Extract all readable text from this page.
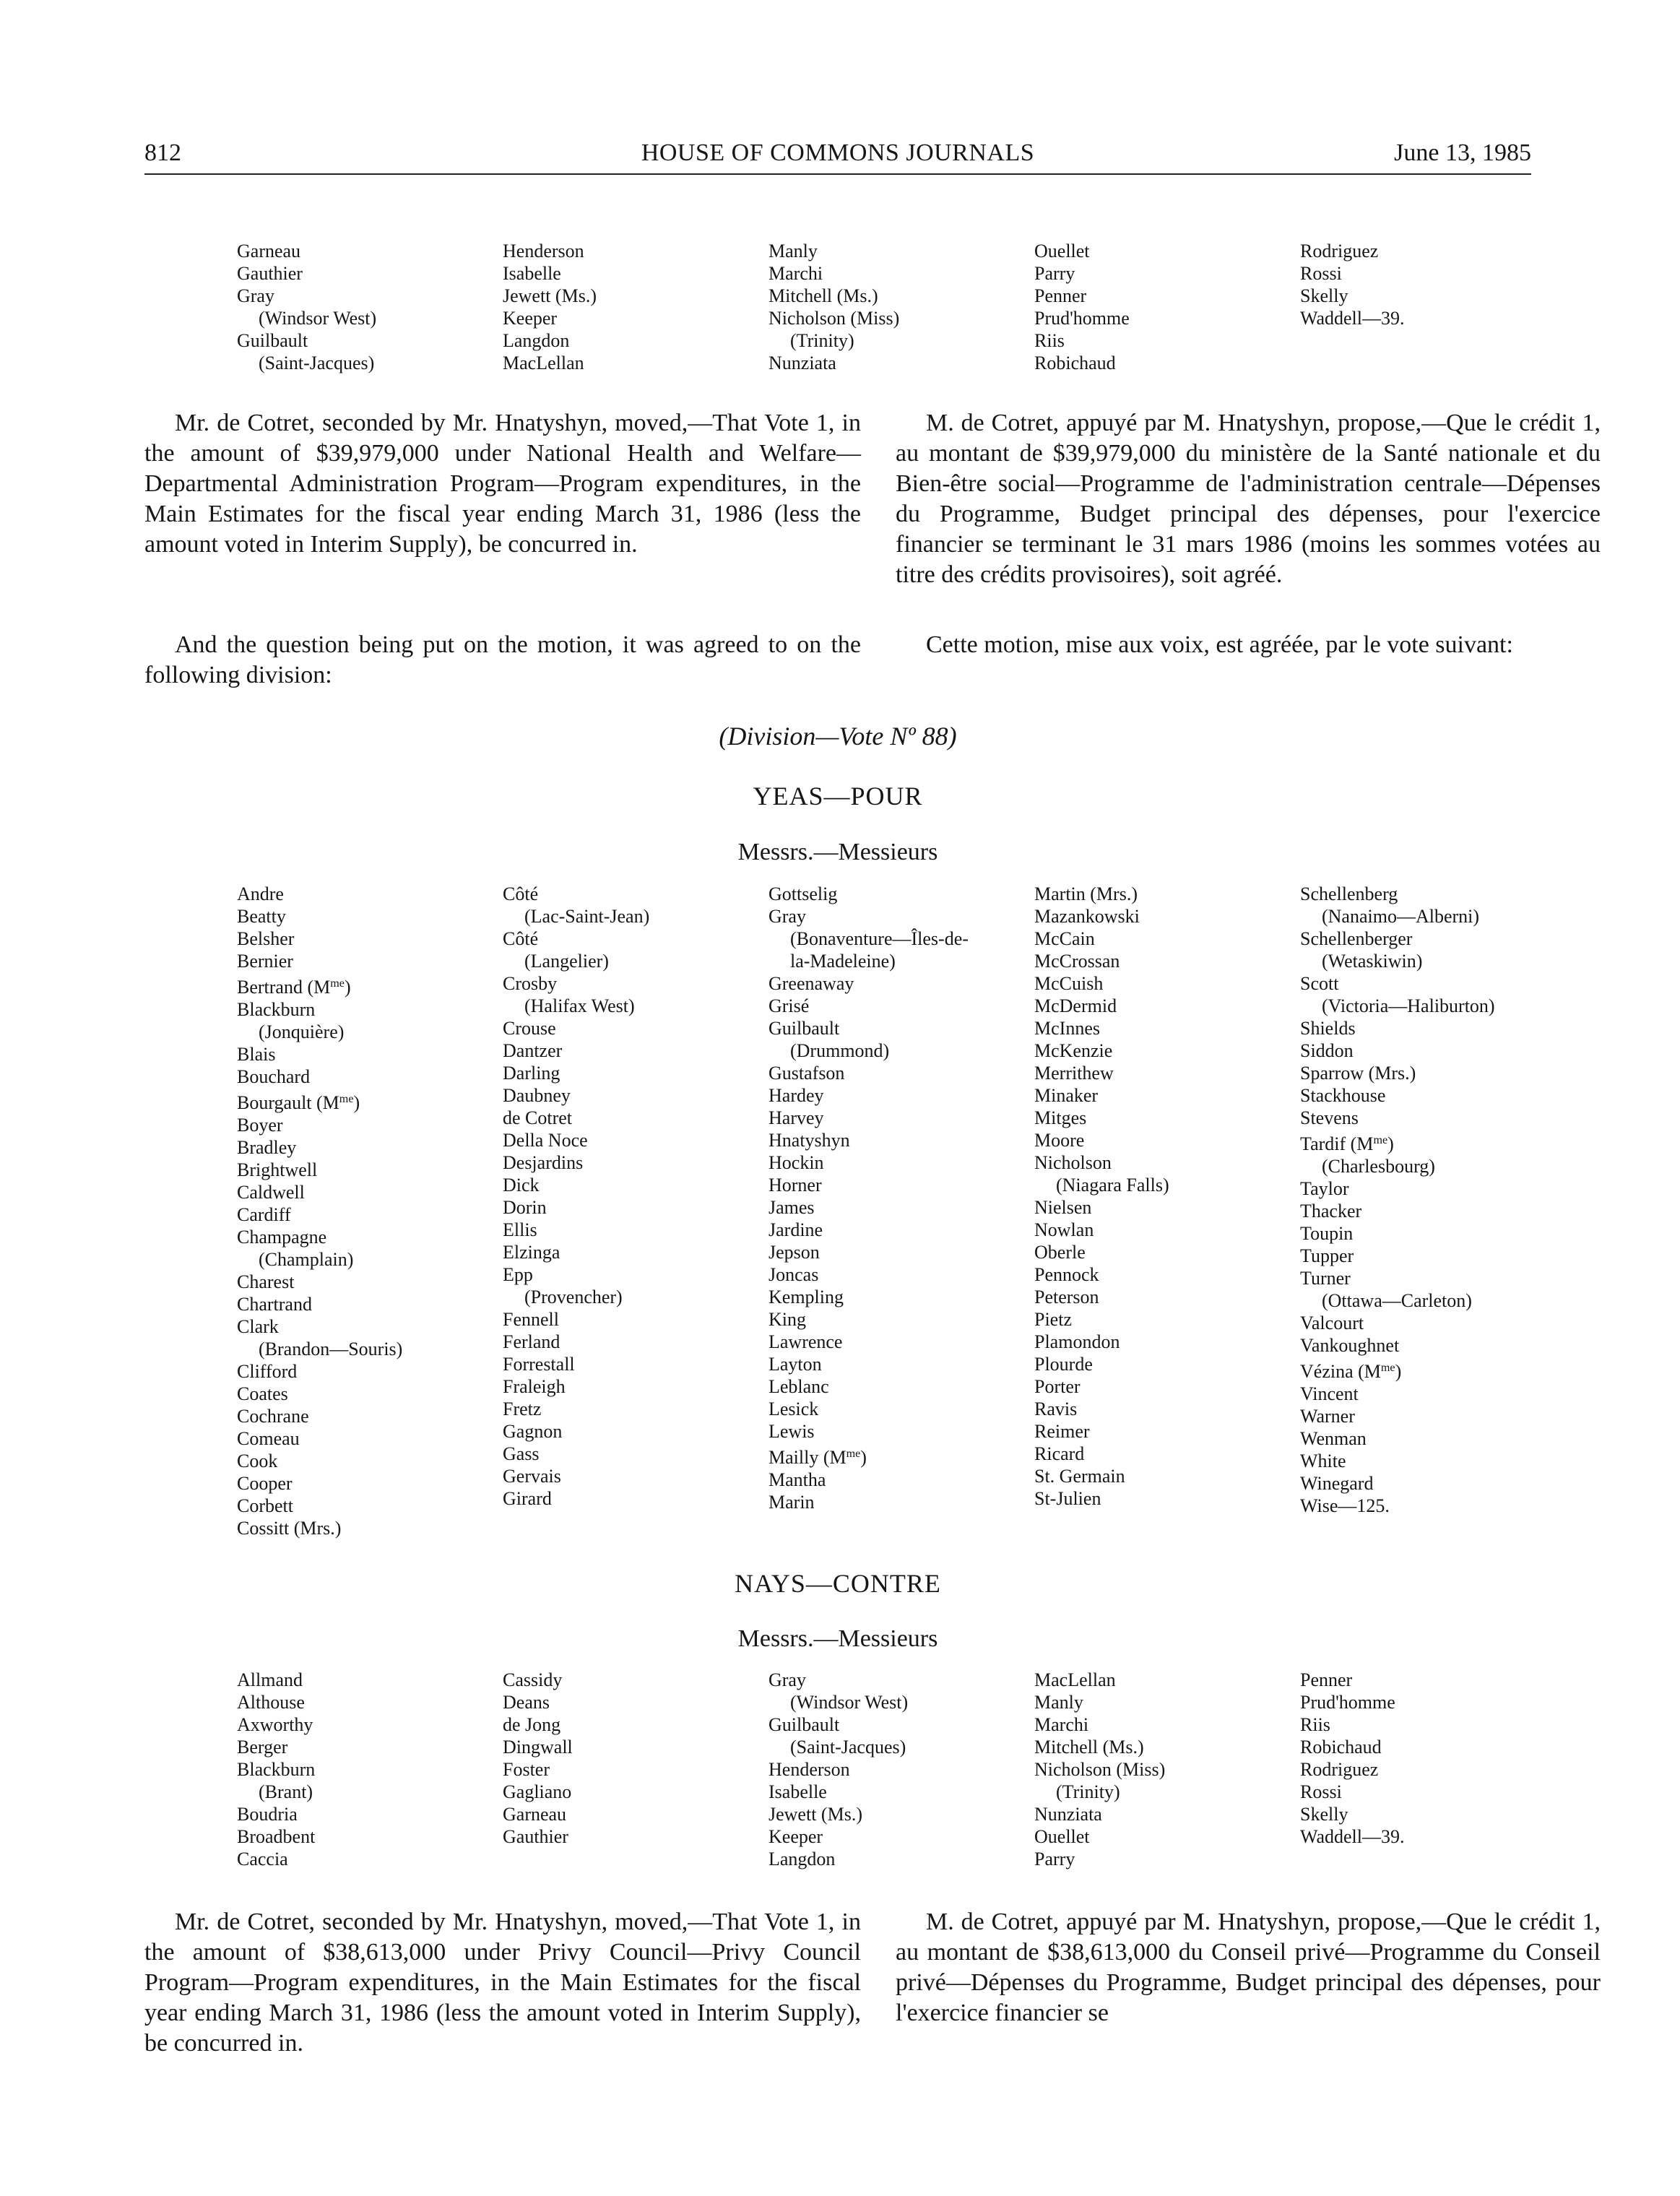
812	HOUSE OF COMMONS JOURNALS	June 13, 1985
Garneau
Gauthier
Gray
(Windsor West)
Guilbault
(Saint-Jacques)
Henderson
Isabelle
Jewett (Ms.)
Keeper
Langdon
MacLellan
Manly
Marchi
Mitchell (Ms.)
Nicholson (Miss)
(Trinity)
Nunziata
Ouellet
Parry
Penner
Prud'homme
Riis
Robichaud
Rodriguez
Rossi
Skelly
Waddell—39.
Mr. de Cotret, seconded by Mr. Hnatyshyn, moved,—That Vote 1, in the amount of $39,979,000 under National Health and Welfare—Departmental Administration Program—Program expenditures, in the Main Estimates for the fiscal year ending March 31, 1986 (less the amount voted in Interim Supply), be concurred in.
M. de Cotret, appuyé par M. Hnatyshyn, propose,—Que le crédit 1, au montant de $39,979,000 du ministère de la Santé nationale et du Bien-être social—Programme de l'administration centrale—Dépenses du Programme, Budget principal des dépenses, pour l'exercice financier se terminant le 31 mars 1986 (moins les sommes votées au titre des crédits provisoires), soit agréé.
And the question being put on the motion, it was agreed to on the following division:
Cette motion, mise aux voix, est agréée, par le vote suivant:
(Division—Vote Nº 88)
YEAS—POUR
Messrs.—Messieurs
Andre
Beatty
Belsher
Bernier
Bertrand $(M^{me})$
Blackburn
(Jonquière)
Blais
Bouchard
Bourgault $(M^{me})$
Boyer
Bradley
Brightwell
Caldwell
Cardiff
Champagne
(Champlain)
Charest
Chartrand
Clark
(Brandon—Souris)
Clifford
Coates
Cochrane
Comeau
Cook
Cooper
Corbett
Cossitt (Mrs.)
Côté
(Lac-Saint-Jean)
Côté
(Langelier)
Crosby
(Halifax West)
Crouse
Dantzer
Darling
Daubney
de Cotret
Della Noce
Desjardins
Dick
Dorin
Ellis
Elzinga
Epp
(Provencher)
Fennell
Ferland
Forrestall
Fraleigh
Fretz
Gagnon
Gass
Gervais
Girard
Gottselig
Gray
(Bonaventure—Îles-de-
la-Madeleine)
Greenaway
Grisé
Guilbault
(Drummond)
Gustafson
Hardey
Harvey
Hnatyshyn
Hockin
Horner
James
Jardine
Jepson
Joncas
Kempling
King
Lawrence
Layton
Leblanc
Lesick
Lewis
Mailly $(M^{me})$
Mantha
Marin
Martin (Mrs.)
Mazankowski
McCain
McCrossan
McCuish
McDermid
McInnes
McKenzie
Merrithew
Minaker
Mitges
Moore
Nicholson
(Niagara Falls)
Nielsen
Nowlan
Oberle
Pennock
Peterson
Pietz
Plamondon
Plourde
Porter
Ravis
Reimer
Ricard
St. Germain
St-Julien
Schellenberg
(Nanaimo—Alberni)
Schellenberger
(Wetaskiwin)
Scott
(Victoria—Haliburton)
Shields
Siddon
Sparrow (Mrs.)
Stackhouse
Stevens
Tardif $(M^{me})$
(Charlesbourg)
Taylor
Thacker
Toupin
Tupper
Turner
(Ottawa—Carleton)
Valcourt
Vankoughnet
Vézina $(M^{me})$
Vincent
Warner
Wenman
White
Winegard
Wise—125.
NAYS—CONTRE
Messrs.—Messieurs
Allmand
Althouse
Axworthy
Berger
Blackburn
(Brant)
Boudria
Broadbent
Caccia
Cassidy
Deans
de Jong
Dingwall
Foster
Gagliano
Garneau
Gauthier
Gray
(Windsor West)
Guilbault
(Saint-Jacques)
Henderson
Isabelle
Jewett (Ms.)
Keeper
Langdon
MacLellan
Manly
Marchi
Mitchell (Ms.)
Nicholson (Miss)
(Trinity)
Nunziata
Ouellet
Parry
Penner
Prud'homme
Riis
Robichaud
Rodriguez
Rossi
Skelly
Waddell—39.
Mr. de Cotret, seconded by Mr. Hnatyshyn, moved,—That Vote 1, in the amount of $38,613,000 under Privy Council—Privy Council Program—Program expenditures, in the Main Estimates for the fiscal year ending March 31, 1986 (less the amount voted in Interim Supply), be concurred in.
M. de Cotret, appuyé par M. Hnatyshyn, propose,—Que le crédit 1, au montant de $38,613,000 du Conseil privé—Programme du Conseil privé—Dépenses du Programme, Budget principal des dépenses, pour l'exercice financier se
